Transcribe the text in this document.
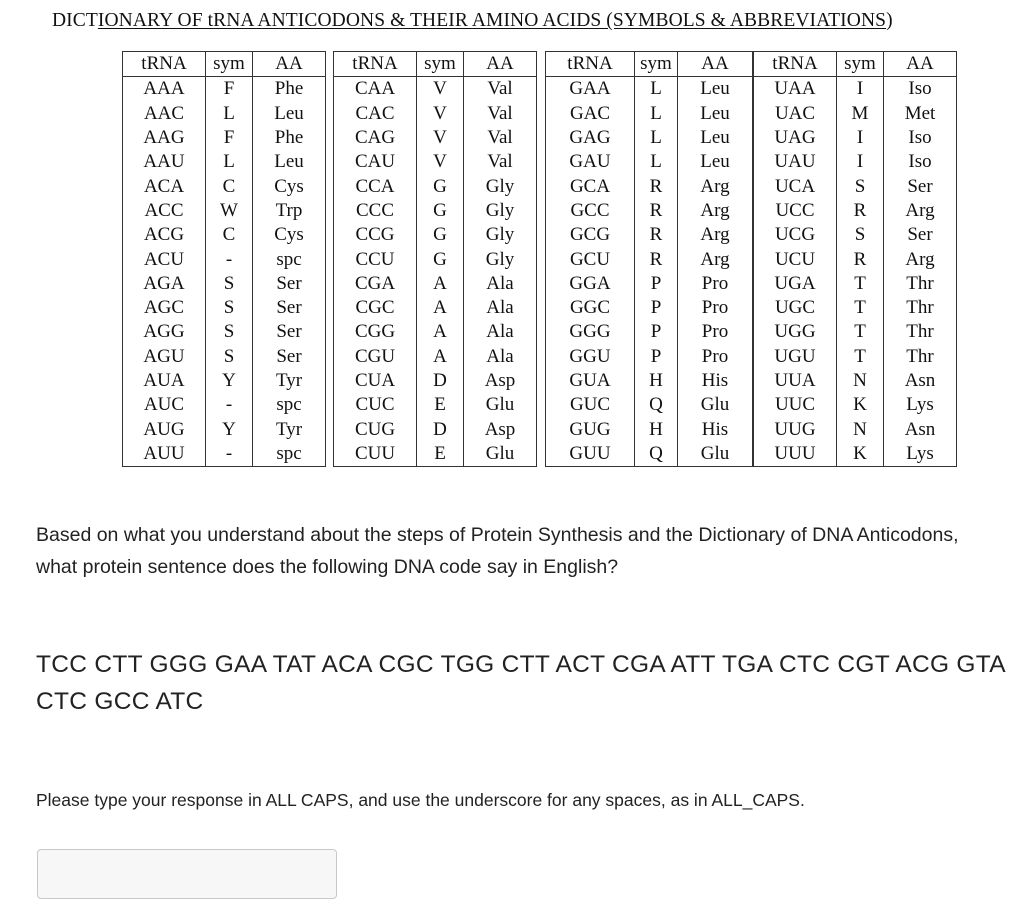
DICTIONARY OF tRNA ANTICODONS & THEIR AMINO ACIDS (SYMBOLS & ABBREVIATIONS)
tRNA	sym	AA
AAA	F	Phe
AAC	L	Leu
AAG	F	Phe
AAU	L	Leu
ACA	C	Cys
ACC	W	Trp
ACG	C	Cys
ACU	-	spc
AGA	S	Ser
AGC	S	Ser
AGG	S	Ser
AGU	S	Ser
AUA	Y	Tyr
AUC	-	spc
AUG	Y	Tyr
AUU	-	spc
tRNA	sym	AA
CAA	V	Val
CAC	V	Val
CAG	V	Val
CAU	V	Val
CCA	G	Gly
CCC	G	Gly
CCG	G	Gly
CCU	G	Gly
CGA	A	Ala
CGC	A	Ala
CGG	A	Ala
CGU	A	Ala
CUA	D	Asp
CUC	E	Glu
CUG	D	Asp
CUU	E	Glu
tRNA	sym	AA
GAA	L	Leu
GAC	L	Leu
GAG	L	Leu
GAU	L	Leu
GCA	R	Arg
GCC	R	Arg
GCG	R	Arg
GCU	R	Arg
GGA	P	Pro
GGC	P	Pro
GGG	P	Pro
GGU	P	Pro
GUA	H	His
GUC	Q	Glu
GUG	H	His
GUU	Q	Glu
tRNA	sym	AA
UAA	I	Iso
UAC	M	Met
UAG	I	Iso
UAU	I	Iso
UCA	S	Ser
UCC	R	Arg
UCG	S	Ser
UCU	R	Arg
UGA	T	Thr
UGC	T	Thr
UGG	T	Thr
UGU	T	Thr
UUA	N	Asn
UUC	K	Lys
UUG	N	Asn
UUU	K	Lys
Based on what you understand about the steps of Protein Synthesis and the Dictionary of DNA Anticodons, what protein sentence does the following DNA code say in English?
TCC CTT GGG GAA TAT ACA CGC TGG CTT ACT CGA ATT TGA CTC CGT ACG GTA CTC GCC ATC
Please type your response in ALL CAPS, and use the underscore for any spaces, as in ALL_CAPS.
